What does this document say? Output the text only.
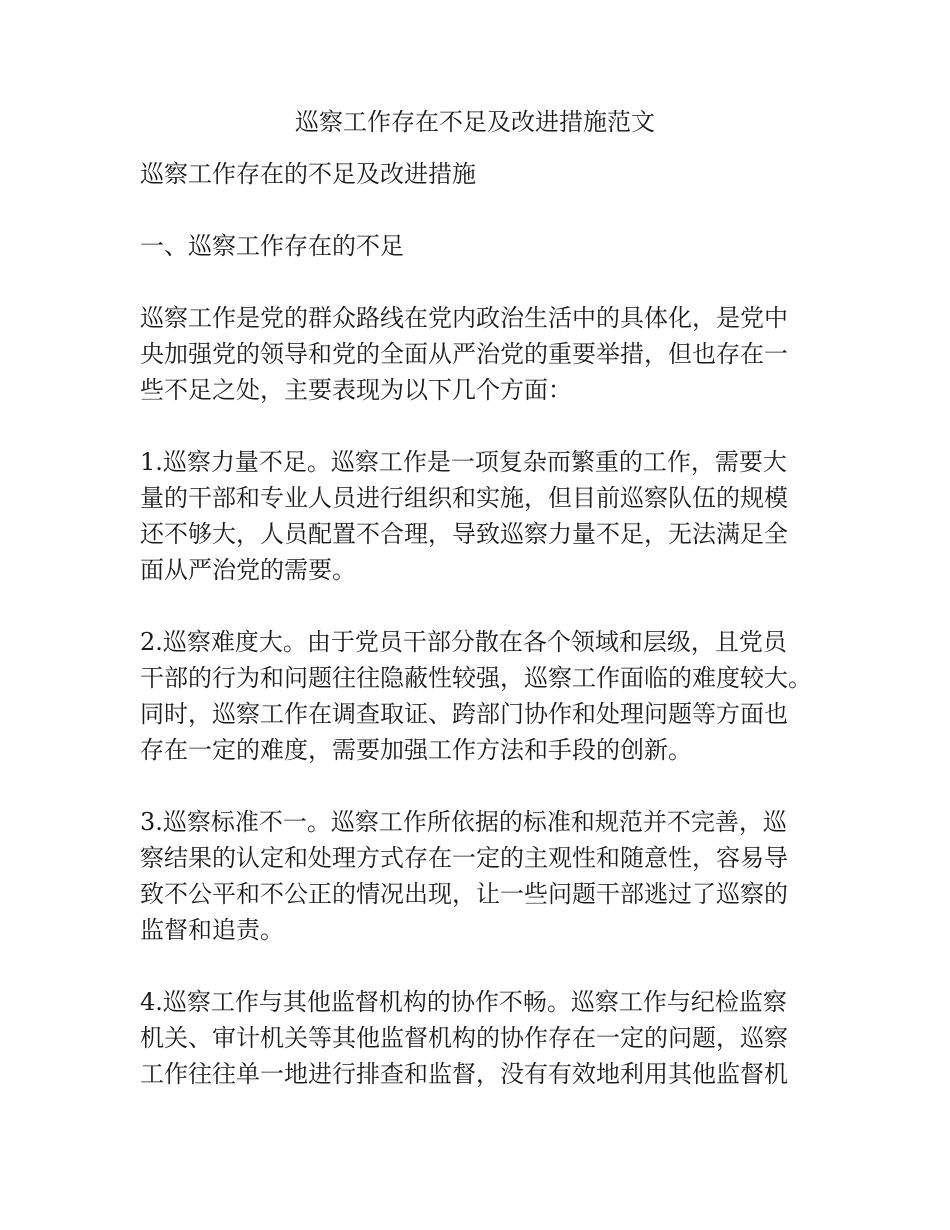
巡察工作存在不足及改进措施范文

巡察工作存在的不足及改进措施

一、巡察工作存在的不足

巡察工作是党的群众路线在党内政治生活中的具体化，是党中

央加强党的领导和党的全面从严治党的重要举措，但也存在一

些不足之处，主要表现为以下几个方面：

1.巡察力量不足。巡察工作是一项复杂而繁重的工作，需要大

量的干部和专业人员进行组织和实施，但目前巡察队伍的规模

还不够大，人员配置不合理，导致巡察力量不足，无法满足全

面从严治党的需要。

2.巡察难度大。由于党员干部分散在各个领域和层级，且党员

干部的行为和问题往往隐蔽性较强，巡察工作面临的难度较大。

同时，巡察工作在调查取证、跨部门协作和处理问题等方面也

存在一定的难度，需要加强工作方法和手段的创新。

3.巡察标准不一。巡察工作所依据的标准和规范并不完善，巡

察结果的认定和处理方式存在一定的主观性和随意性，容易导

致不公平和不公正的情况出现，让一些问题干部逃过了巡察的

监督和追责。

4.巡察工作与其他监督机构的协作不畅。巡察工作与纪检监察

机关、审计机关等其他监督机构的协作存在一定的问题，巡察

工作往往单一地进行排查和监督，没有有效地利用其他监督机
